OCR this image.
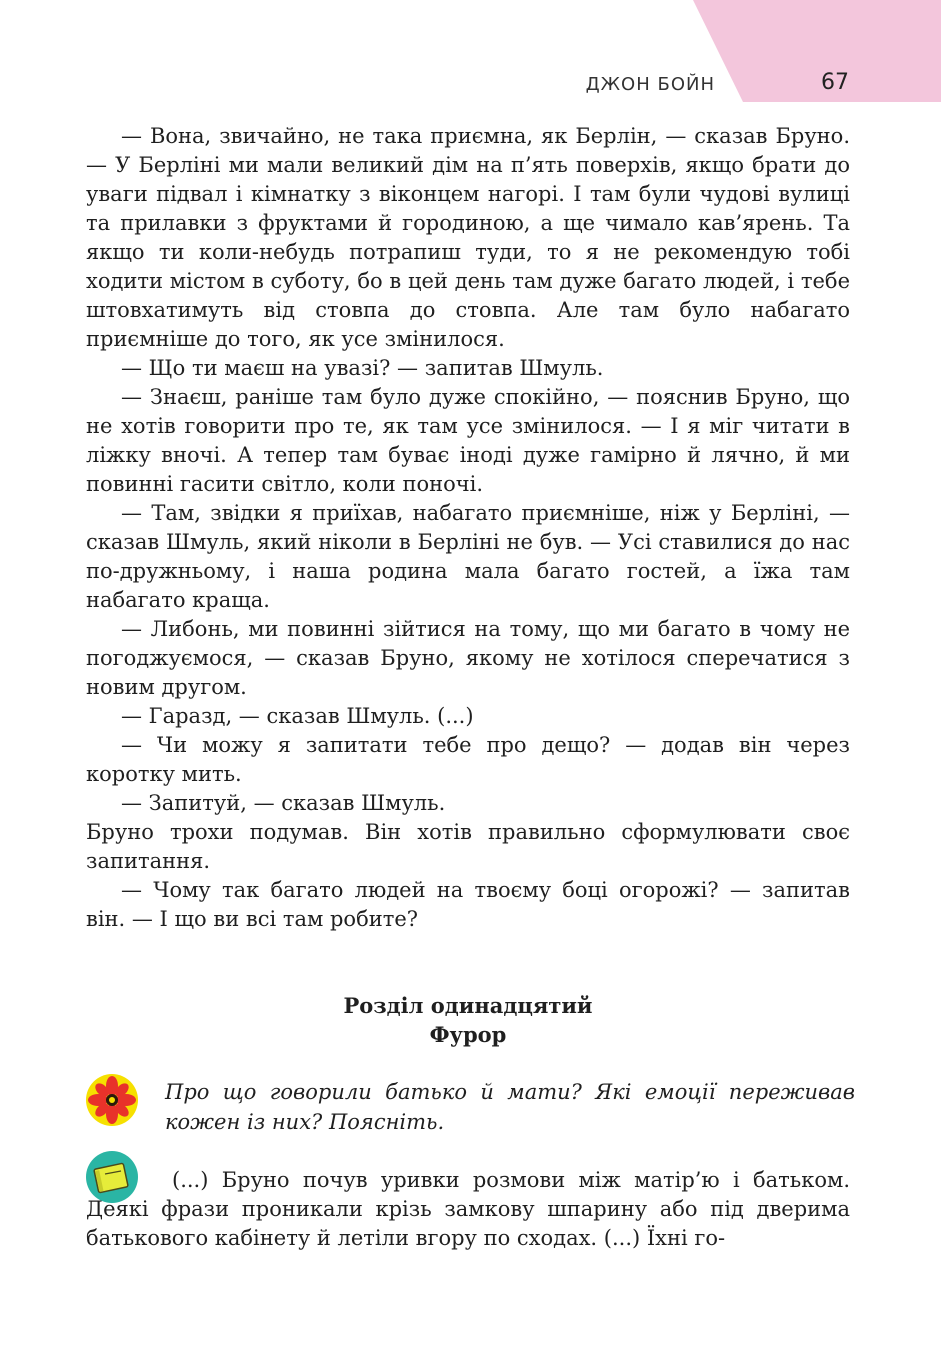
ДЖОН БОЙН	67

— Вона, звичайно, не така приємна, як Берлін, — сказав Бруно. — У Берліні ми мали великий дім на п’ять поверхів, якщо брати до уваги підвал і кімнатку з віконцем нагорі. І там були чудові вулиці та прилавки з фруктами й городиною, а ще чимало кав’ярень. Та якщо ти коли-небудь потрапиш туди, то я не рекомендую тобі ходити містом в суботу, бо в цей день там дуже багато людей, і тебе штовхатимуть від стовпа до стовпа. Але там було набагато приємніше до того, як усе змінилося.

— Що ти маєш на увазі? — запитав Шмуль.

— Знаєш, раніше там було дуже спокійно, — пояснив Бруно, що не хотів говорити про те, як там усе змінилося. — І я міг читати в ліжку вночі. А тепер там буває іноді дуже гамірно й лячно, й ми повинні гасити світло, коли поночі.

— Там, звідки я приїхав, набагато приємніше, ніж у Берліні, — сказав Шмуль, який ніколи в Берліні не був. — Усі ставилися до нас по-дружньому, і наша родина мала багато гостей, а їжа там набагато краща.

— Либонь, ми повинні зійтися на тому, що ми багато в чому не погоджуємося, — сказав Бруно, якому не хотілося сперечатися з новим другом.

— Гаразд, — сказав Шмуль. (...)

— Чи можу я запитати тебе про дещо? — додав він через коротку мить.

— Запитуй, — сказав Шмуль.

Бруно трохи подумав. Він хотів правильно сформулювати своє запитання.

— Чому так багато людей на твоєму боці огорожі? — запитав він. — І що ви всі там робите?

Розділ одинадцятий
Фурор

Про що говорили батько й мати? Які емоції переживав кожен із них? Поясніть.

(...) Бруно почув уривки розмови між матір’ю і батьком. Деякі фрази проникали крізь замкову шпарину або під дверима батькового кабінету й летіли вгору по сходах. (...) Їхні го-
